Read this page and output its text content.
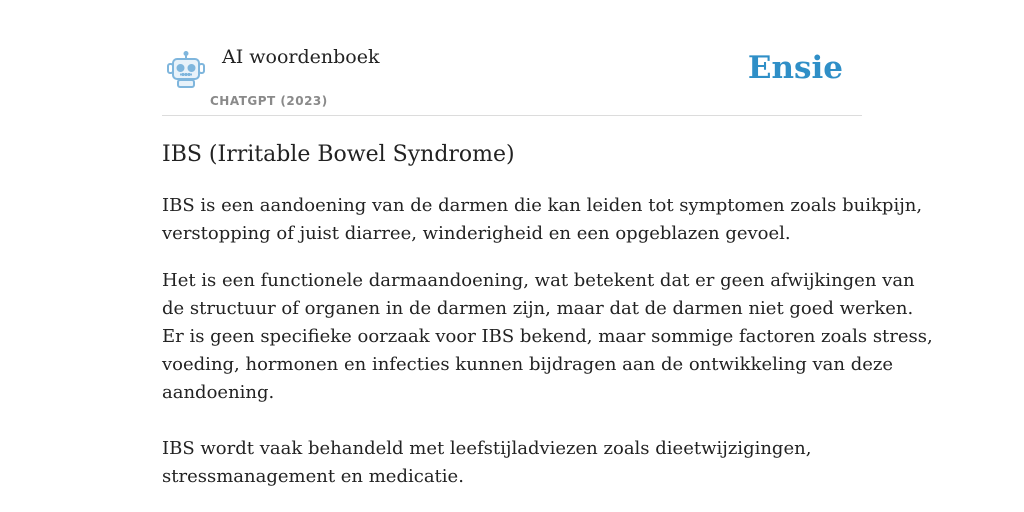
AI woordenboek
CHATGPT (2023)
Ensie
IBS (Irritable Bowel Syndrome)

IBS is een aandoening van de darmen die kan leiden tot symptomen zoals buikpijn,
verstopping of juist diarree, winderigheid en een opgeblazen gevoel.

Het is een functionele darmaandoening, wat betekent dat er geen afwijkingen van
de structuur of organen in de darmen zijn, maar dat de darmen niet goed werken.
Er is geen specifieke oorzaak voor IBS bekend, maar sommige factoren zoals stress,
voeding, hormonen en infecties kunnen bijdragen aan de ontwikkeling van deze
aandoening.

IBS wordt vaak behandeld met leefstijladviezen zoals dieetwijzigingen,
stressmanagement en medicatie.
